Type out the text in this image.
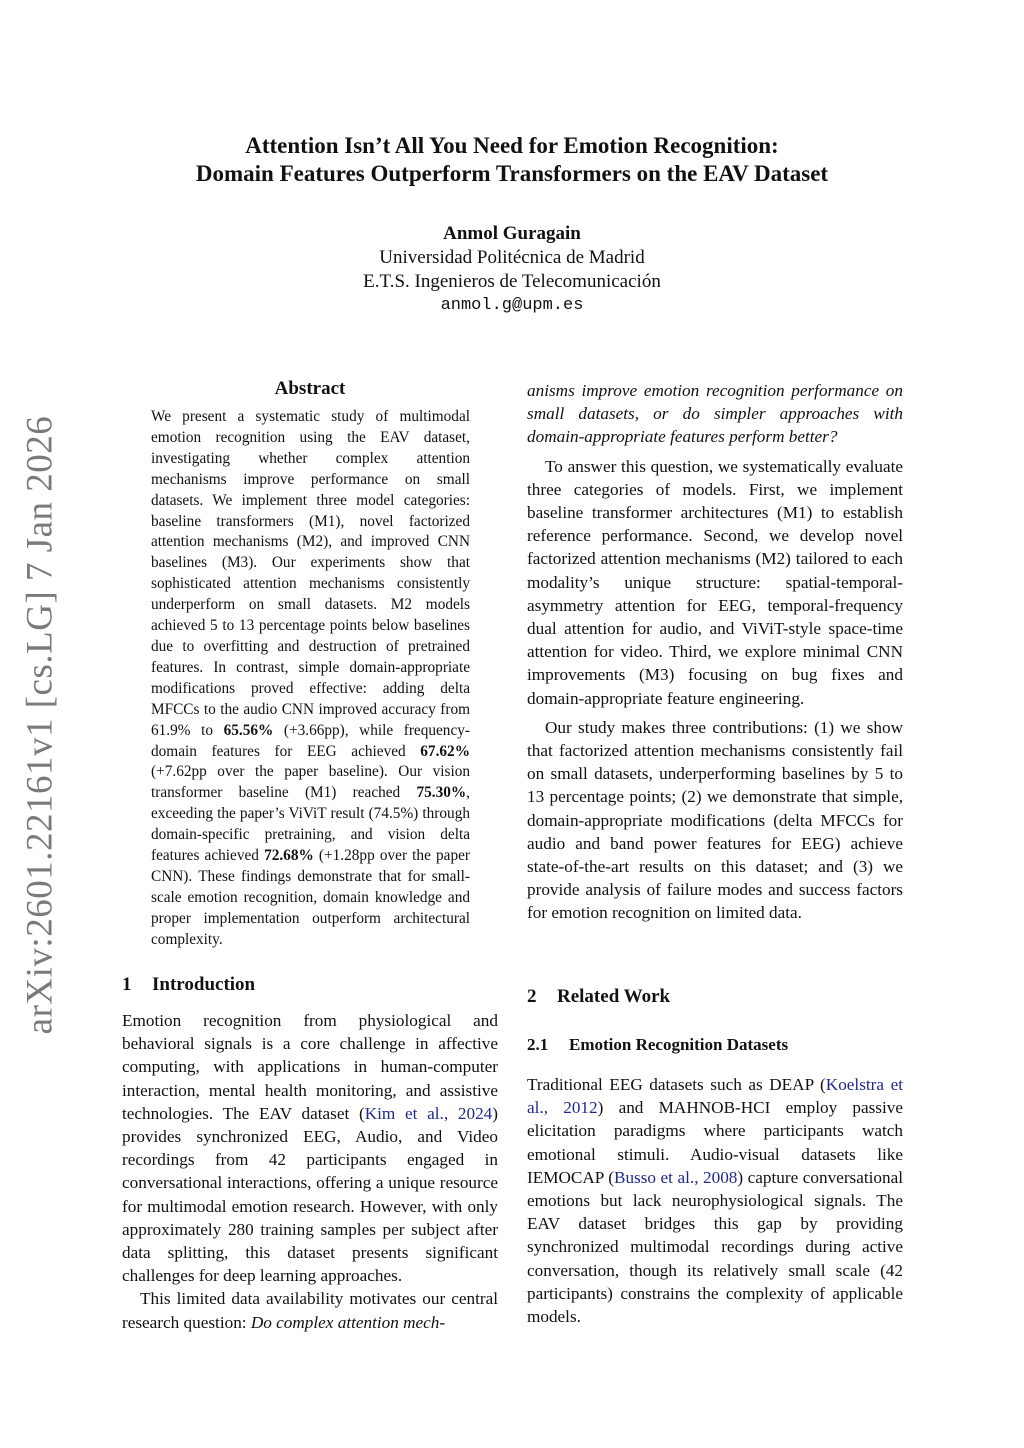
arXiv:2601.22161v1 [cs.LG] 7 Jan 2026
Attention Isn’t All You Need for Emotion Recognition:
Domain Features Outperform Transformers on the EAV Dataset
Anmol Guragain
Universidad Politécnica de Madrid
E.T.S. Ingenieros de Telecomunicación
anmol.g@upm.es
Abstract
We present a systematic study of multimodal emotion recognition using the EAV dataset, investigating whether complex attention mechanisms improve performance on small datasets. We implement three model categories: baseline transformers (M1), novel factorized attention mechanisms (M2), and improved CNN baselines (M3). Our experiments show that sophisticated attention mechanisms consistently underperform on small datasets. M2 models achieved 5 to 13 percentage points below baselines due to overfitting and destruction of pretrained features. In contrast, simple domain-appropriate modifications proved effective: adding delta MFCCs to the audio CNN improved accuracy from 61.9% to 65.56% (+3.66pp), while frequency-domain features for EEG achieved 67.62% (+7.62pp over the paper baseline). Our vision transformer baseline (M1) reached 75.30%, exceeding the paper’s ViViT result (74.5%) through domain-specific pretraining, and vision delta features achieved 72.68% (+1.28pp over the paper CNN). These findings demonstrate that for small-scale emotion recognition, domain knowledge and proper implementation outperform architectural complexity.
1 Introduction

Emotion recognition from physiological and behavioral signals is a core challenge in affective computing, with applications in human-computer interaction, mental health monitoring, and assistive technologies. The EAV dataset (Kim et al., 2024) provides synchronized EEG, Audio, and Video recordings from 42 participants engaged in conversational interactions, offering a unique resource for multimodal emotion research. However, with only approximately 280 training samples per subject after data splitting, this dataset presents significant challenges for deep learning approaches.

This limited data availability motivates our central research question: Do complex attention mech-

anisms improve emotion recognition performance on small datasets, or do simpler approaches with domain-appropriate features perform better?

To answer this question, we systematically evaluate three categories of models. First, we implement baseline transformer architectures (M1) to establish reference performance. Second, we develop novel factorized attention mechanisms (M2) tailored to each modality’s unique structure: spatial-temporal-asymmetry attention for EEG, temporal-frequency dual attention for audio, and ViViT-style space-time attention for video. Third, we explore minimal CNN improvements (M3) focusing on bug fixes and domain-appropriate feature engineering.

Our study makes three contributions: (1) we show that factorized attention mechanisms consistently fail on small datasets, underperforming baselines by 5 to 13 percentage points; (2) we demonstrate that simple, domain-appropriate modifications (delta MFCCs for audio and band power features for EEG) achieve state-of-the-art results on this dataset; and (3) we provide analysis of failure modes and success factors for emotion recognition on limited data.

2 Related Work
2.1 Emotion Recognition Datasets

Traditional EEG datasets such as DEAP (Koelstra et al., 2012) and MAHNOB-HCI employ passive elicitation paradigms where participants watch emotional stimuli. Audio-visual datasets like IEMOCAP (Busso et al., 2008) capture conversational emotions but lack neurophysiological signals. The EAV dataset bridges this gap by providing synchronized multimodal recordings during active conversation, though its relatively small scale (42 participants) constrains the complexity of applicable models.
